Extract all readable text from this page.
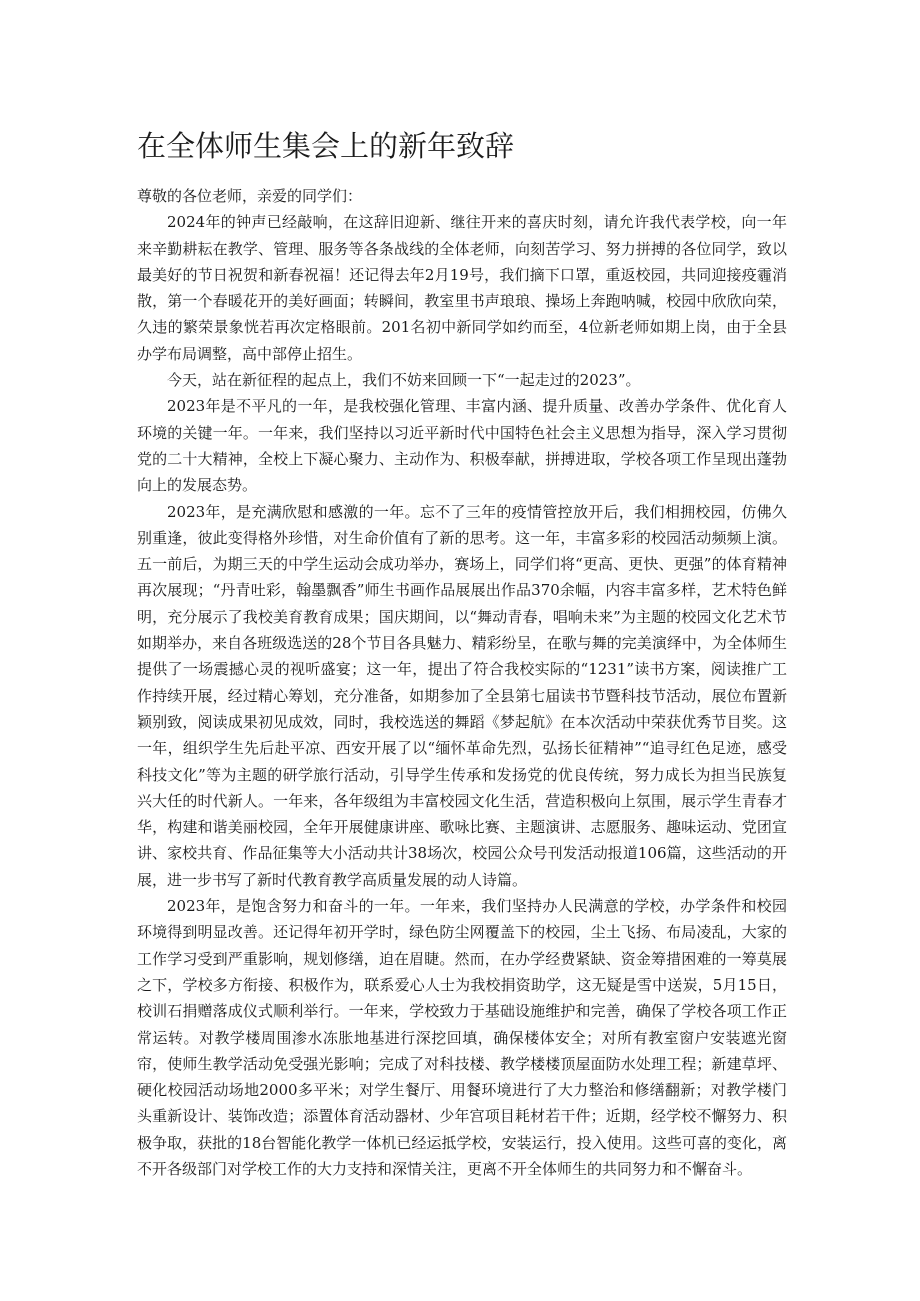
在全体师生集会上的新年致辞

尊敬的各位老师，亲爱的同学们：

2024年的钟声已经敲响，在这辞旧迎新、继往开来的喜庆时刻，请允许我代表学校，向一年来辛勤耕耘在教学、管理、服务等各条战线的全体老师，向刻苦学习、努力拼搏的各位同学，致以最美好的节日祝贺和新春祝福！还记得去年2月19号，我们摘下口罩，重返校园，共同迎接疫霾消散，第一个春暖花开的美好画面；转瞬间，教室里书声琅琅、操场上奔跑呐喊，校园中欣欣向荣，久违的繁荣景象恍若再次定格眼前。201名初中新同学如约而至，4位新老师如期上岗，由于全县办学布局调整，高中部停止招生。

今天，站在新征程的起点上，我们不妨来回顾一下“一起走过的2023”。

2023年是不平凡的一年，是我校强化管理、丰富内涵、提升质量、改善办学条件、优化育人环境的关键一年。一年来，我们坚持以习近平新时代中国特色社会主义思想为指导，深入学习贯彻党的二十大精神，全校上下凝心聚力、主动作为、积极奉献，拼搏进取，学校各项工作呈现出蓬勃向上的发展态势。

2023年，是充满欣慰和感激的一年。忘不了三年的疫情管控放开后，我们相拥校园，仿佛久别重逢，彼此变得格外珍惜，对生命价值有了新的思考。这一年，丰富多彩的校园活动频频上演。五一前后，为期三天的中学生运动会成功举办，赛场上，同学们将“更高、更快、更强”的体育精神再次展现；“丹青吐彩，翰墨飘香”师生书画作品展展出作品370余幅，内容丰富多样，艺术特色鲜明，充分展示了我校美育教育成果；国庆期间，以“舞动青春，唱响未来”为主题的校园文化艺术节如期举办，来自各班级选送的28个节目各具魅力、精彩纷呈，在歌与舞的完美演绎中，为全体师生提供了一场震撼心灵的视听盛宴；这一年，提出了符合我校实际的“1231”读书方案，阅读推广工作持续开展，经过精心筹划，充分准备，如期参加了全县第七届读书节暨科技节活动，展位布置新颖别致，阅读成果初见成效，同时，我校选送的舞蹈《梦起航》在本次活动中荣获优秀节目奖。这一年，组织学生先后赴平凉、西安开展了以“缅怀革命先烈，弘扬长征精神”“追寻红色足迹，感受科技文化”等为主题的研学旅行活动，引导学生传承和发扬党的优良传统，努力成长为担当民族复兴大任的时代新人。一年来，各年级组为丰富校园文化生活，营造积极向上氛围，展示学生青春才华，构建和谐美丽校园，全年开展健康讲座、歌咏比赛、主题演讲、志愿服务、趣味运动、党团宣讲、家校共育、作品征集等大小活动共计38场次，校园公众号刊发活动报道106篇，这些活动的开展，进一步书写了新时代教育教学高质量发展的动人诗篇。

2023年，是饱含努力和奋斗的一年。一年来，我们坚持办人民满意的学校，办学条件和校园环境得到明显改善。还记得年初开学时，绿色防尘网覆盖下的校园，尘土飞扬、布局凌乱，大家的工作学习受到严重影响，规划修缮，迫在眉睫。然而，在办学经费紧缺、资金筹措困难的一筹莫展之下，学校多方衔接、积极作为，联系爱心人士为我校捐资助学，这无疑是雪中送炭，5月15日，校训石捐赠落成仪式顺利举行。一年来，学校致力于基础设施维护和完善，确保了学校各项工作正常运转。对教学楼周围渗水冻胀地基进行深挖回填，确保楼体安全；对所有教室窗户安装遮光窗帘，使师生教学活动免受强光影响；完成了对科技楼、教学楼楼顶屋面防水处理工程；新建草坪、硬化校园活动场地2000多平米；对学生餐厅、用餐环境进行了大力整治和修缮翻新；对教学楼门头重新设计、装饰改造；添置体育活动器材、少年宫项目耗材若干件；近期，经学校不懈努力、积极争取，获批的18台智能化教学一体机已经运抵学校，安装运行，投入使用。这些可喜的变化，离不开各级部门对学校工作的大力支持和深情关注，更离不开全体师生的共同努力和不懈奋斗。
